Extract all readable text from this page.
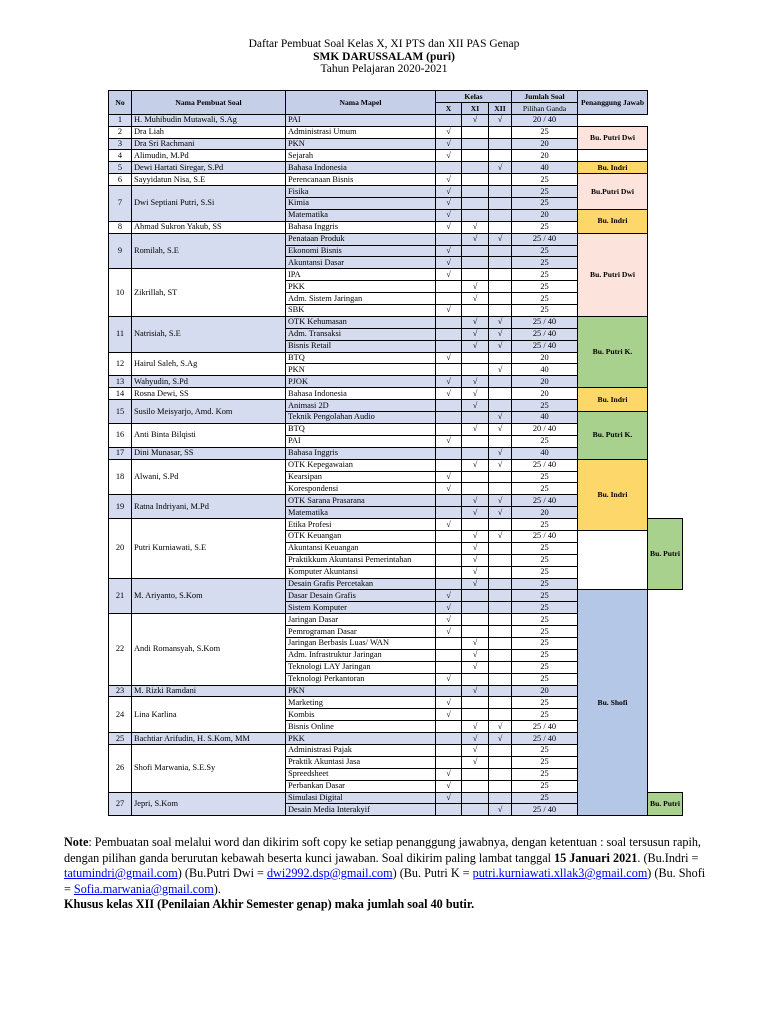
Daftar Pembuat Soal Kelas X, XI PTS dan XII PAS Genap
SMK DARUSSALAM (puri)
Tahun Pelajaran 2020-2021
No	Nama Pembuat Soal	Nama Mapel	Kelas			Jumlah Soal	Penanggung Jawab	
			X	XI	XII	Pilihan Ganda		
1	H. Muhibudin Mutawali, S.Ag	PAI		√	√	20 / 40		
2	Dra Liah	Administrasi Umum	√			25	Bu. Putri Dwi	
3	Dra Sri Rachmani	PKN	√			20		
4	Alimudin, M.Pd	Sejarah	√			20		
5	Dewi Hartati Siregar, S.Pd	Bahasa Indonesia			√	40	Bu. Indri	
6	Sayyidatun Nisa, S.E	Perencanaan Bisnis	√			25	Bu.Putri Dwi	
7	Dwi Septiani Putri, S.Si	Fisika	√			25		
		Kimia	√			25		
		Matematika	√			20	Bu. Indri	
8	Ahmad Sukron Yakub, SS	Bahasa Inggris	√	√		25		
9	Romilah, S.E	Penataan Produk		√	√	25 / 40	Bu. Putri Dwi	
		Ekonomi Bisnis	√			25		
		Akuntansi Dasar	√			25		
10	Zikrillah, ST	IPA	√			25		
		PKK		√		25		
		Adm. Sistem Jaringan		√		25		
		SBK	√			25		
11	Natrisiah, S.E	OTK Kehumasan		√	√	25 / 40	Bu. Putri K.	
		Adm. Transaksi		√	√	25 / 40		
		Bisnis Retail		√	√	25 / 40		
12	Hairul Saleh, S.Ag	BTQ	√			20		
		PKN			√	40		
13	Wahyudin, S.Pd	PJOK	√	√		20		
14	Rosna Dewi, SS	Bahasa Indonesia	√	√		20	Bu. Indri	
15	Susilo Meisyarjo, Amd. Kom	Animasi 2D		√		25		
		Teknik Pengolahan Audio			√	40	Bu. Putri K.	
16	Anti Binta Bilqisti	BTQ		√	√	20 / 40		
		PAI	√			25		
17	Dini Munasar, SS	Bahasa Inggris			√	40		
18	Alwani, S.Pd	OTK Kepegawaian		√	√	25 / 40	Bu. Indri	
		Kearsipan	√			25		
		Korespondensi	√			25		
19	Ratna Indriyani, M.Pd	OTK Sarana Prasarana		√	√	25 / 40		
		Matematika		√	√	20		
20	Putri Kurniawati, S.E	Etika Profesi	√			25		Bu. Putri
		OTK Keuangan		√	√	25 / 40		
		Akuntansi Keuangan		√		25		
		Praktikkum Akuntansi Pemerintahan		√		25		
		Komputer Akuntansi		√		25		
21	M. Ariyanto, S.Kom	Desain Grafis Percetakan		√		25		
		Dasar Desain Grafis	√			25	Bu. Shofi	
		Sistem Komputer	√			25		
22	Andi Romansyah, S.Kom	Jaringan Dasar	√			25		
		Pemrograman Dasar	√			25		
		Jaringan Berbasis Luas/ WAN		√		25		
		Adm. Infrastruktur Jaringan		√		25		
		Teknologi LAY Jaringan		√		25		
		Teknologi Perkantoran	√			25		
23	M. Rizki Ramdani	PKN		√		20		
24	Lina Karlina	Marketing	√			25		
		Kombis	√			25		
		Bisnis Online		√	√	25 / 40		
25	Bachtiar Arifudin, H. S.Kom, MM	PKK		√	√	25 / 40		
26	Shofi Marwania, S.E.Sy	Administrasi Pajak		√		25		
		Praktik Akuntasi Jasa		√		25		
		Spreedsheet	√			25		
		Perbankan Dasar	√			25		
27	Jepri, S.Kom	Simulasi Digital	√			25		Bu. Putri
		Desain Media Interakyif			√	25 / 40		
Note: Pembuatan soal melalui word dan dikirim soft copy ke setiap penanggung jawabnya, dengan ketentuan : soal tersusun rapih, dengan pilihan ganda berurutan kebawah beserta kunci jawaban. Soal dikirim paling lambat tanggal 15 Januari 2021. (Bu.Indri = tatumindri@gmail.com) (Bu.Putri Dwi = dwi2992.dsp@gmail.com) (Bu. Putri K = putri.kurniawati.xllak3@gmail.com) (Bu. Shofi = Sofia.marwania@gmail.com).
Khusus kelas XII (Penilaian Akhir Semester genap) maka jumlah soal 40 butir.
